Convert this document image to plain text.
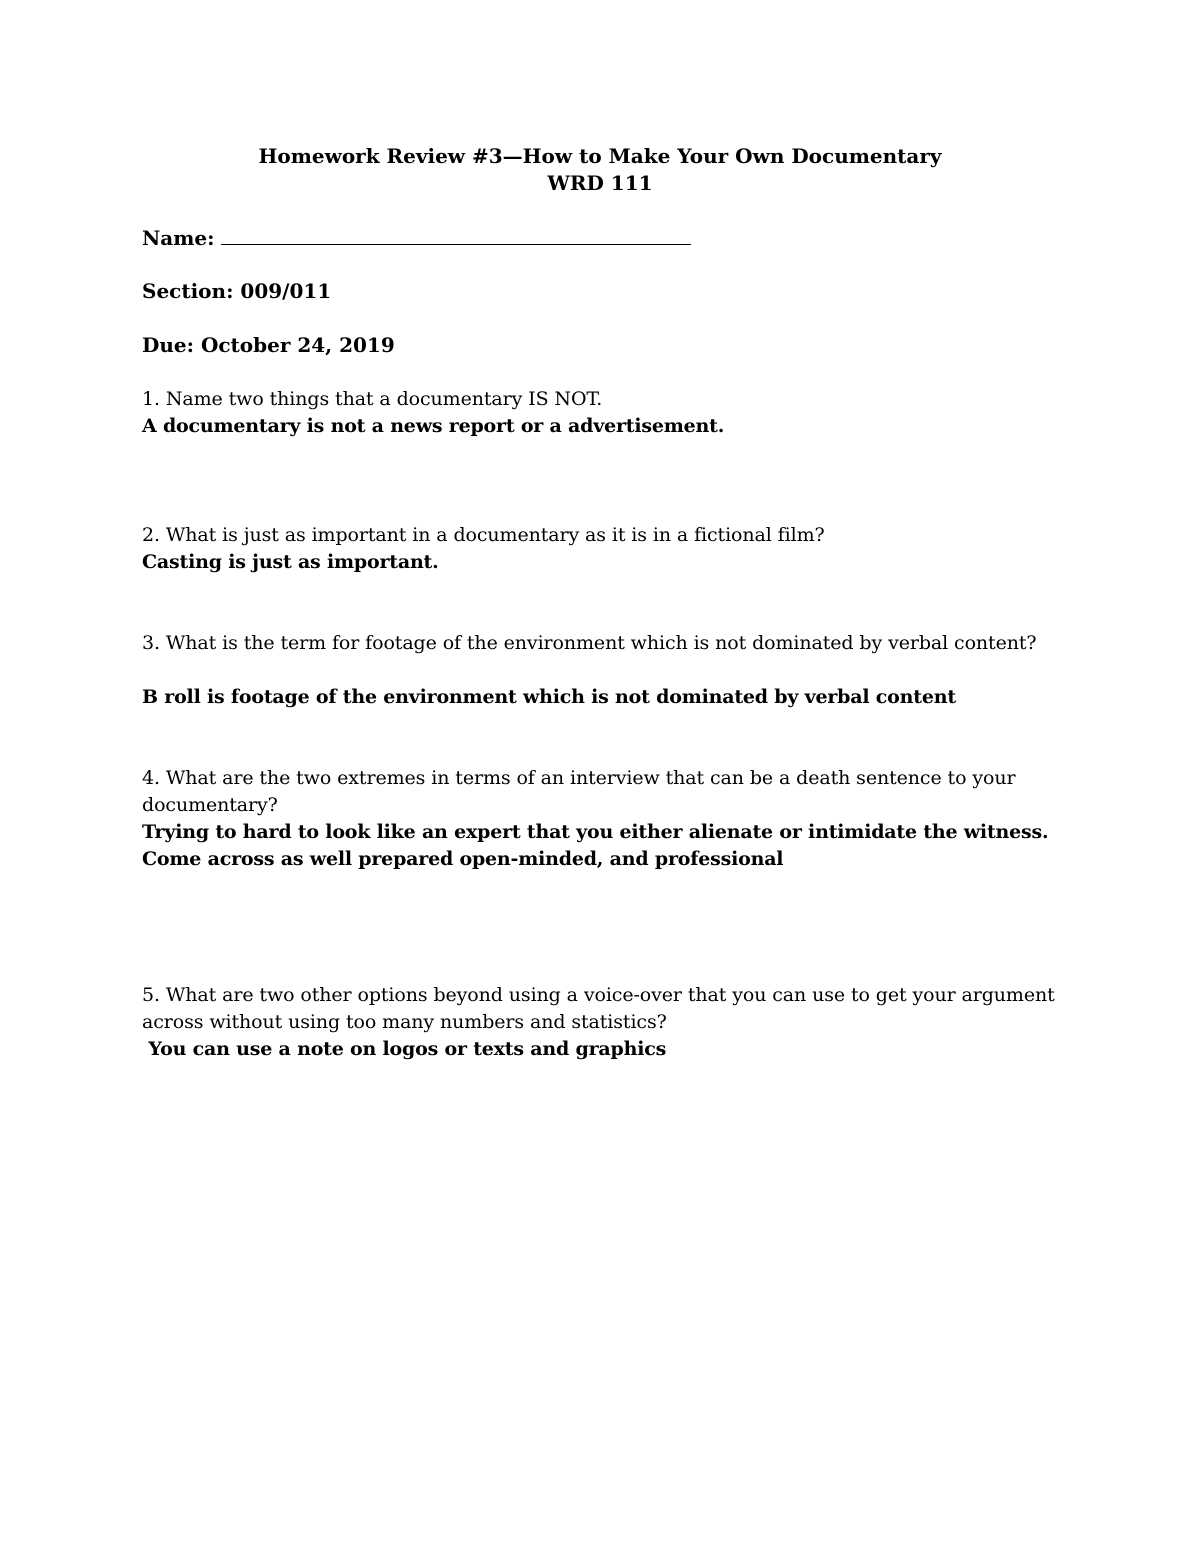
Homework Review #3—How to Make Your Own Documentary
WRD 111
Name:
Section: 009/011
Due: October 24, 2019
1. Name two things that a documentary IS NOT.
A documentary is not a news report or a advertisement.
2. What is just as important in a documentary as it is in a fictional film?
Casting is just as important.
3. What is the term for footage of the environment which is not dominated by verbal content?
B roll is footage of the environment which is not dominated by verbal content
4. What are the two extremes in terms of an interview that can be a death sentence to your
documentary?
Trying to hard to look like an expert that you either alienate or intimidate the witness.
Come across as well prepared open-minded, and professional
5. What are two other options beyond using a voice-over that you can use to get your argument
across without using too many numbers and statistics?
You can use a note on logos or texts and graphics
